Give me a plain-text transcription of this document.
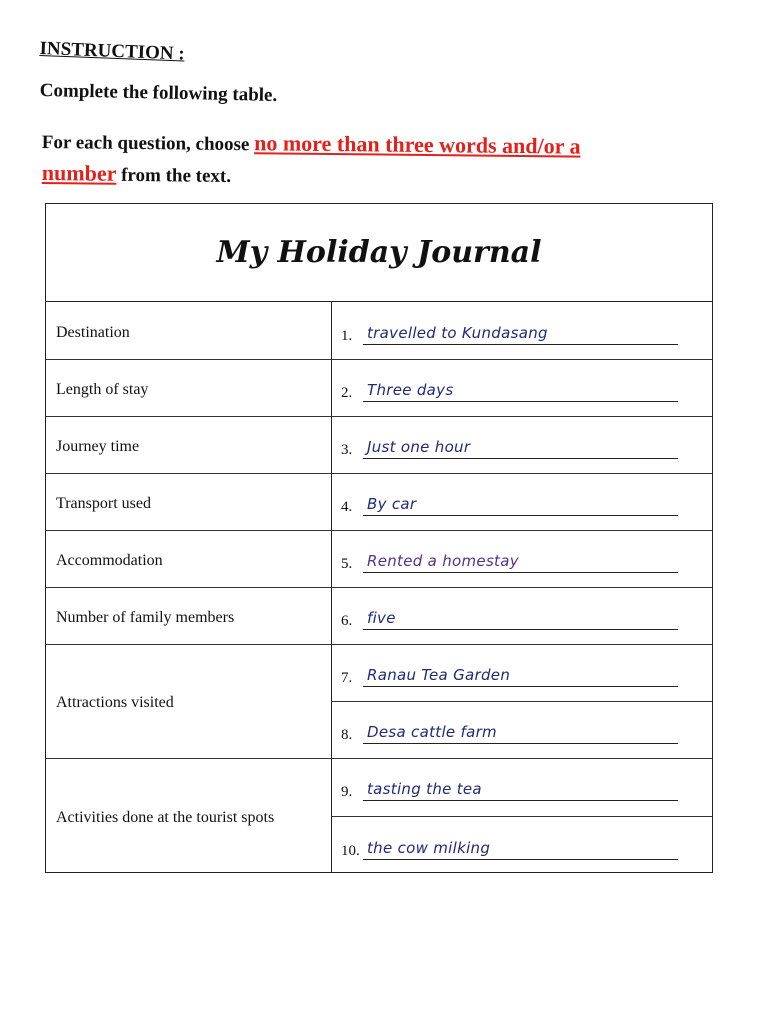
INSTRUCTION :
Complete the following table.
For each question, choose no more than three words and/or a
number from the text.
My Holiday Journal
Destination
Length of stay
Journey time
Transport used
Accommodation
Number of family members
Attractions visited
Activities done at the tourist spots
1. travelled to Kundasang
2. Three days
3. Just one hour
4. By car
5. Rented a homestay
6. five
7. Ranau Tea Garden
8. Desa cattle farm
9. tasting the tea
10. the cow milking
